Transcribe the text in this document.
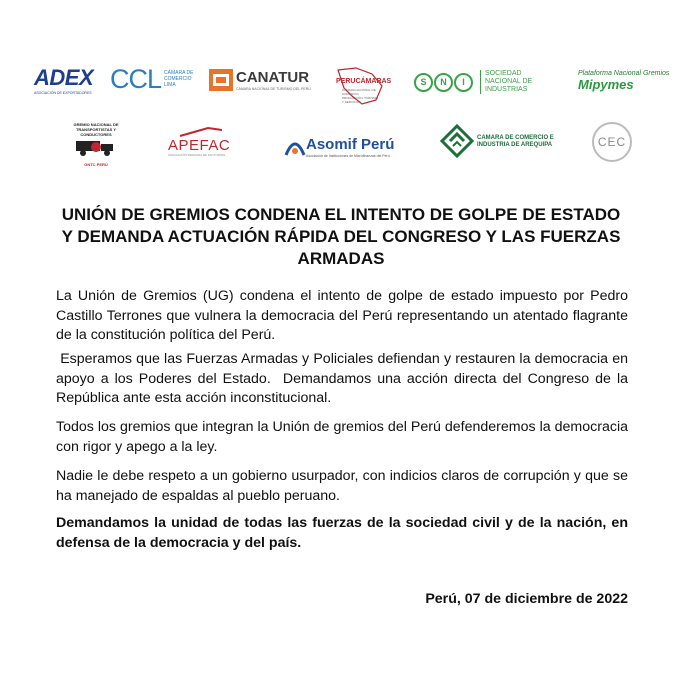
ADEX
ASOCIACIÓN DE EXPORTADORES CCL CÁMARA DE COMERCIO LIMA	CANATUR
CÁMARA NACIONAL DE TURISMO DEL PERÚ
PERUCÁMARAS
CÁMARA NACIONAL DE COMERCIO, PRODUCCIÓN, TURISMO Y SERVICIOS
S	N	I
SOCIEDAD NACIONAL DE INDUSTRIAS
Plataforma Nacional Gremios
Mipymes
GREMIO NACIONAL DE TRANSPORTISTAS Y CONDUCTORES
GNTC PERÚ
APEFAC
ASOCIACIÓN PERUANA DE FACTORING
Asomif Perú
Asociación de Instituciones de Microfinanzas del Perú
CAMARA DE COMERCIO E INDUSTRIA DE AREQUIPA	CEC
UNIÓN DE GREMIOS CONDENA EL INTENTO DE GOLPE DE ESTADO Y DEMANDA ACTUACIÓN RÁPIDA DEL CONGRESO Y LAS FUERZAS ARMADAS
La Unión de Gremios (UG) condena el intento de golpe de estado impuesto por Pedro Castillo Terrones que vulnera la democracia del Perú representando un atentado flagrante de la constitución política del Perú.
Esperamos que las Fuerzas Armadas y Policiales defiendan y restauren la democracia en apoyo a los Poderes del Estado.  Demandamos una acción directa del Congreso de la República ante esta acción inconstitucional.
Todos los gremios que integran la Unión de gremios del Perú defenderemos la democracia con rigor y apego a la ley.
Nadie le debe respeto a un gobierno usurpador, con indicios claros de corrupción y que se ha manejado de espaldas al pueblo peruano.
Demandamos la unidad de todas las fuerzas de la sociedad civil y de la nación, en defensa de la democracia y del país.
Perú, 07 de diciembre de 2022
